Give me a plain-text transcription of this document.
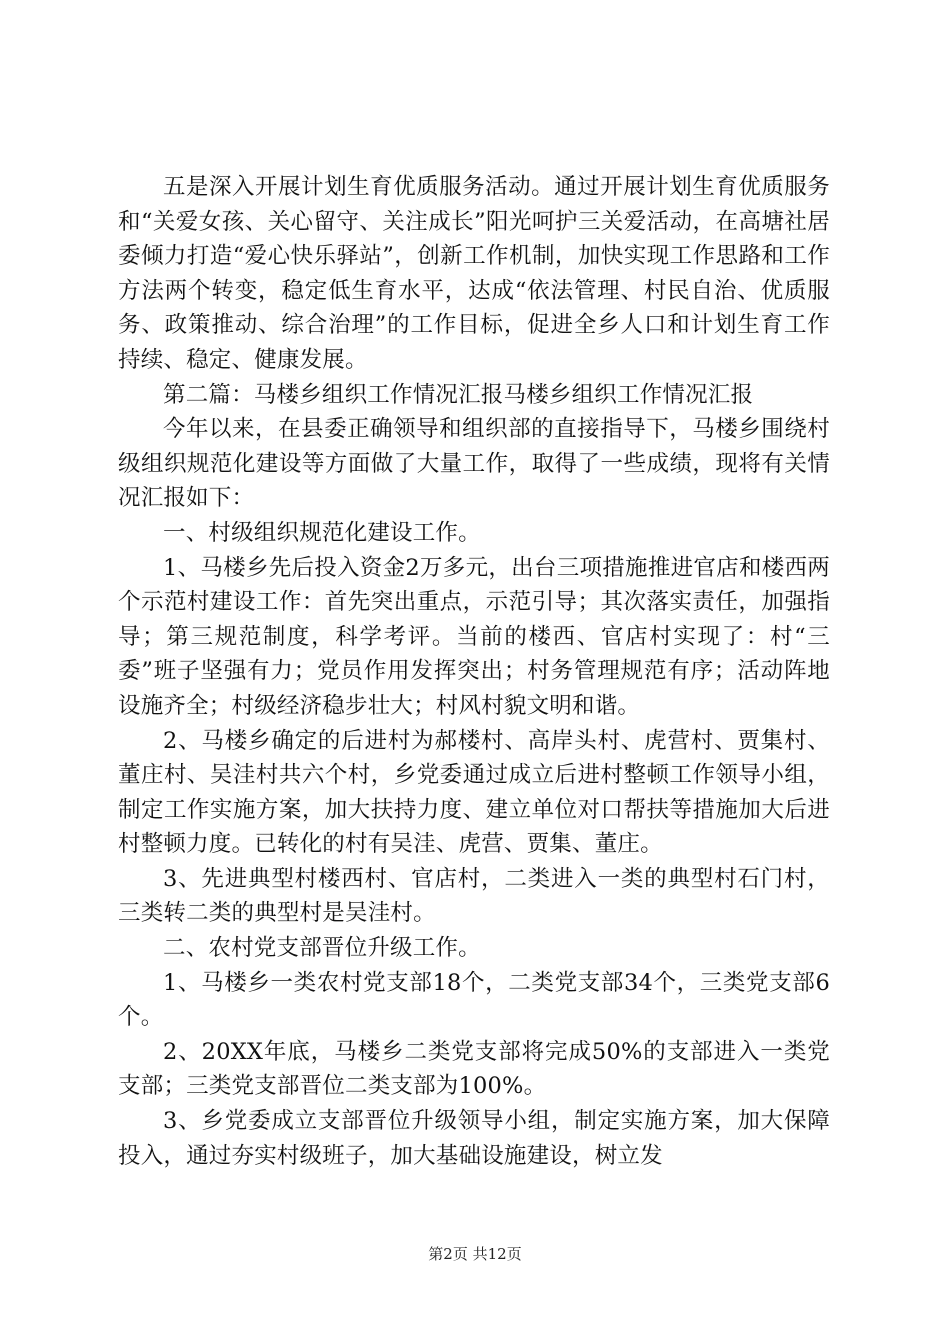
五是深入开展计划生育优质服务活动。通过开展计划生育优质服务和“关爱女孩、关心留守、关注成长”阳光呵护三关爱活动，在高塘社居委倾力打造“爱心快乐驿站”，创新工作机制，加快实现工作思路和工作方法两个转变，稳定低生育水平，达成“依法管理、村民自治、优质服务、政策推动、综合治理”的工作目标，促进全乡人口和计划生育工作持续、稳定、健康发展。

第二篇：马楼乡组织工作情况汇报马楼乡组织工作情况汇报

今年以来，在县委正确领导和组织部的直接指导下，马楼乡围绕村级组织规范化建设等方面做了大量工作，取得了一些成绩，现将有关情况汇报如下：

一、村级组织规范化建设工作。

1、马楼乡先后投入资金2万多元，出台三项措施推进官店和楼西两个示范村建设工作：首先突出重点，示范引导；其次落实责任，加强指导；第三规范制度，科学考评。当前的楼西、官店村实现了：村“三委”班子坚强有力；党员作用发挥突出；村务管理规范有序；活动阵地设施齐全；村级经济稳步壮大；村风村貌文明和谐。

2、马楼乡确定的后进村为郝楼村、高岸头村、虎营村、贾集村、董庄村、吴洼村共六个村，乡党委通过成立后进村整顿工作领导小组，制定工作实施方案，加大扶持力度、建立单位对口帮扶等措施加大后进村整顿力度。已转化的村有吴洼、虎营、贾集、董庄。

3、先进典型村楼西村、官店村，二类进入一类的典型村石门村，三类转二类的典型村是吴洼村。

二、农村党支部晋位升级工作。

1、马楼乡一类农村党支部18个，二类党支部34个，三类党支部6个。

2、20XX年底，马楼乡二类党支部将完成50%的支部进入一类党支部；三类党支部晋位二类支部为100%。

3、乡党委成立支部晋位升级领导小组，制定实施方案，加大保障投入，通过夯实村级班子，加大基础设施建设，树立发

第2页 共12页
